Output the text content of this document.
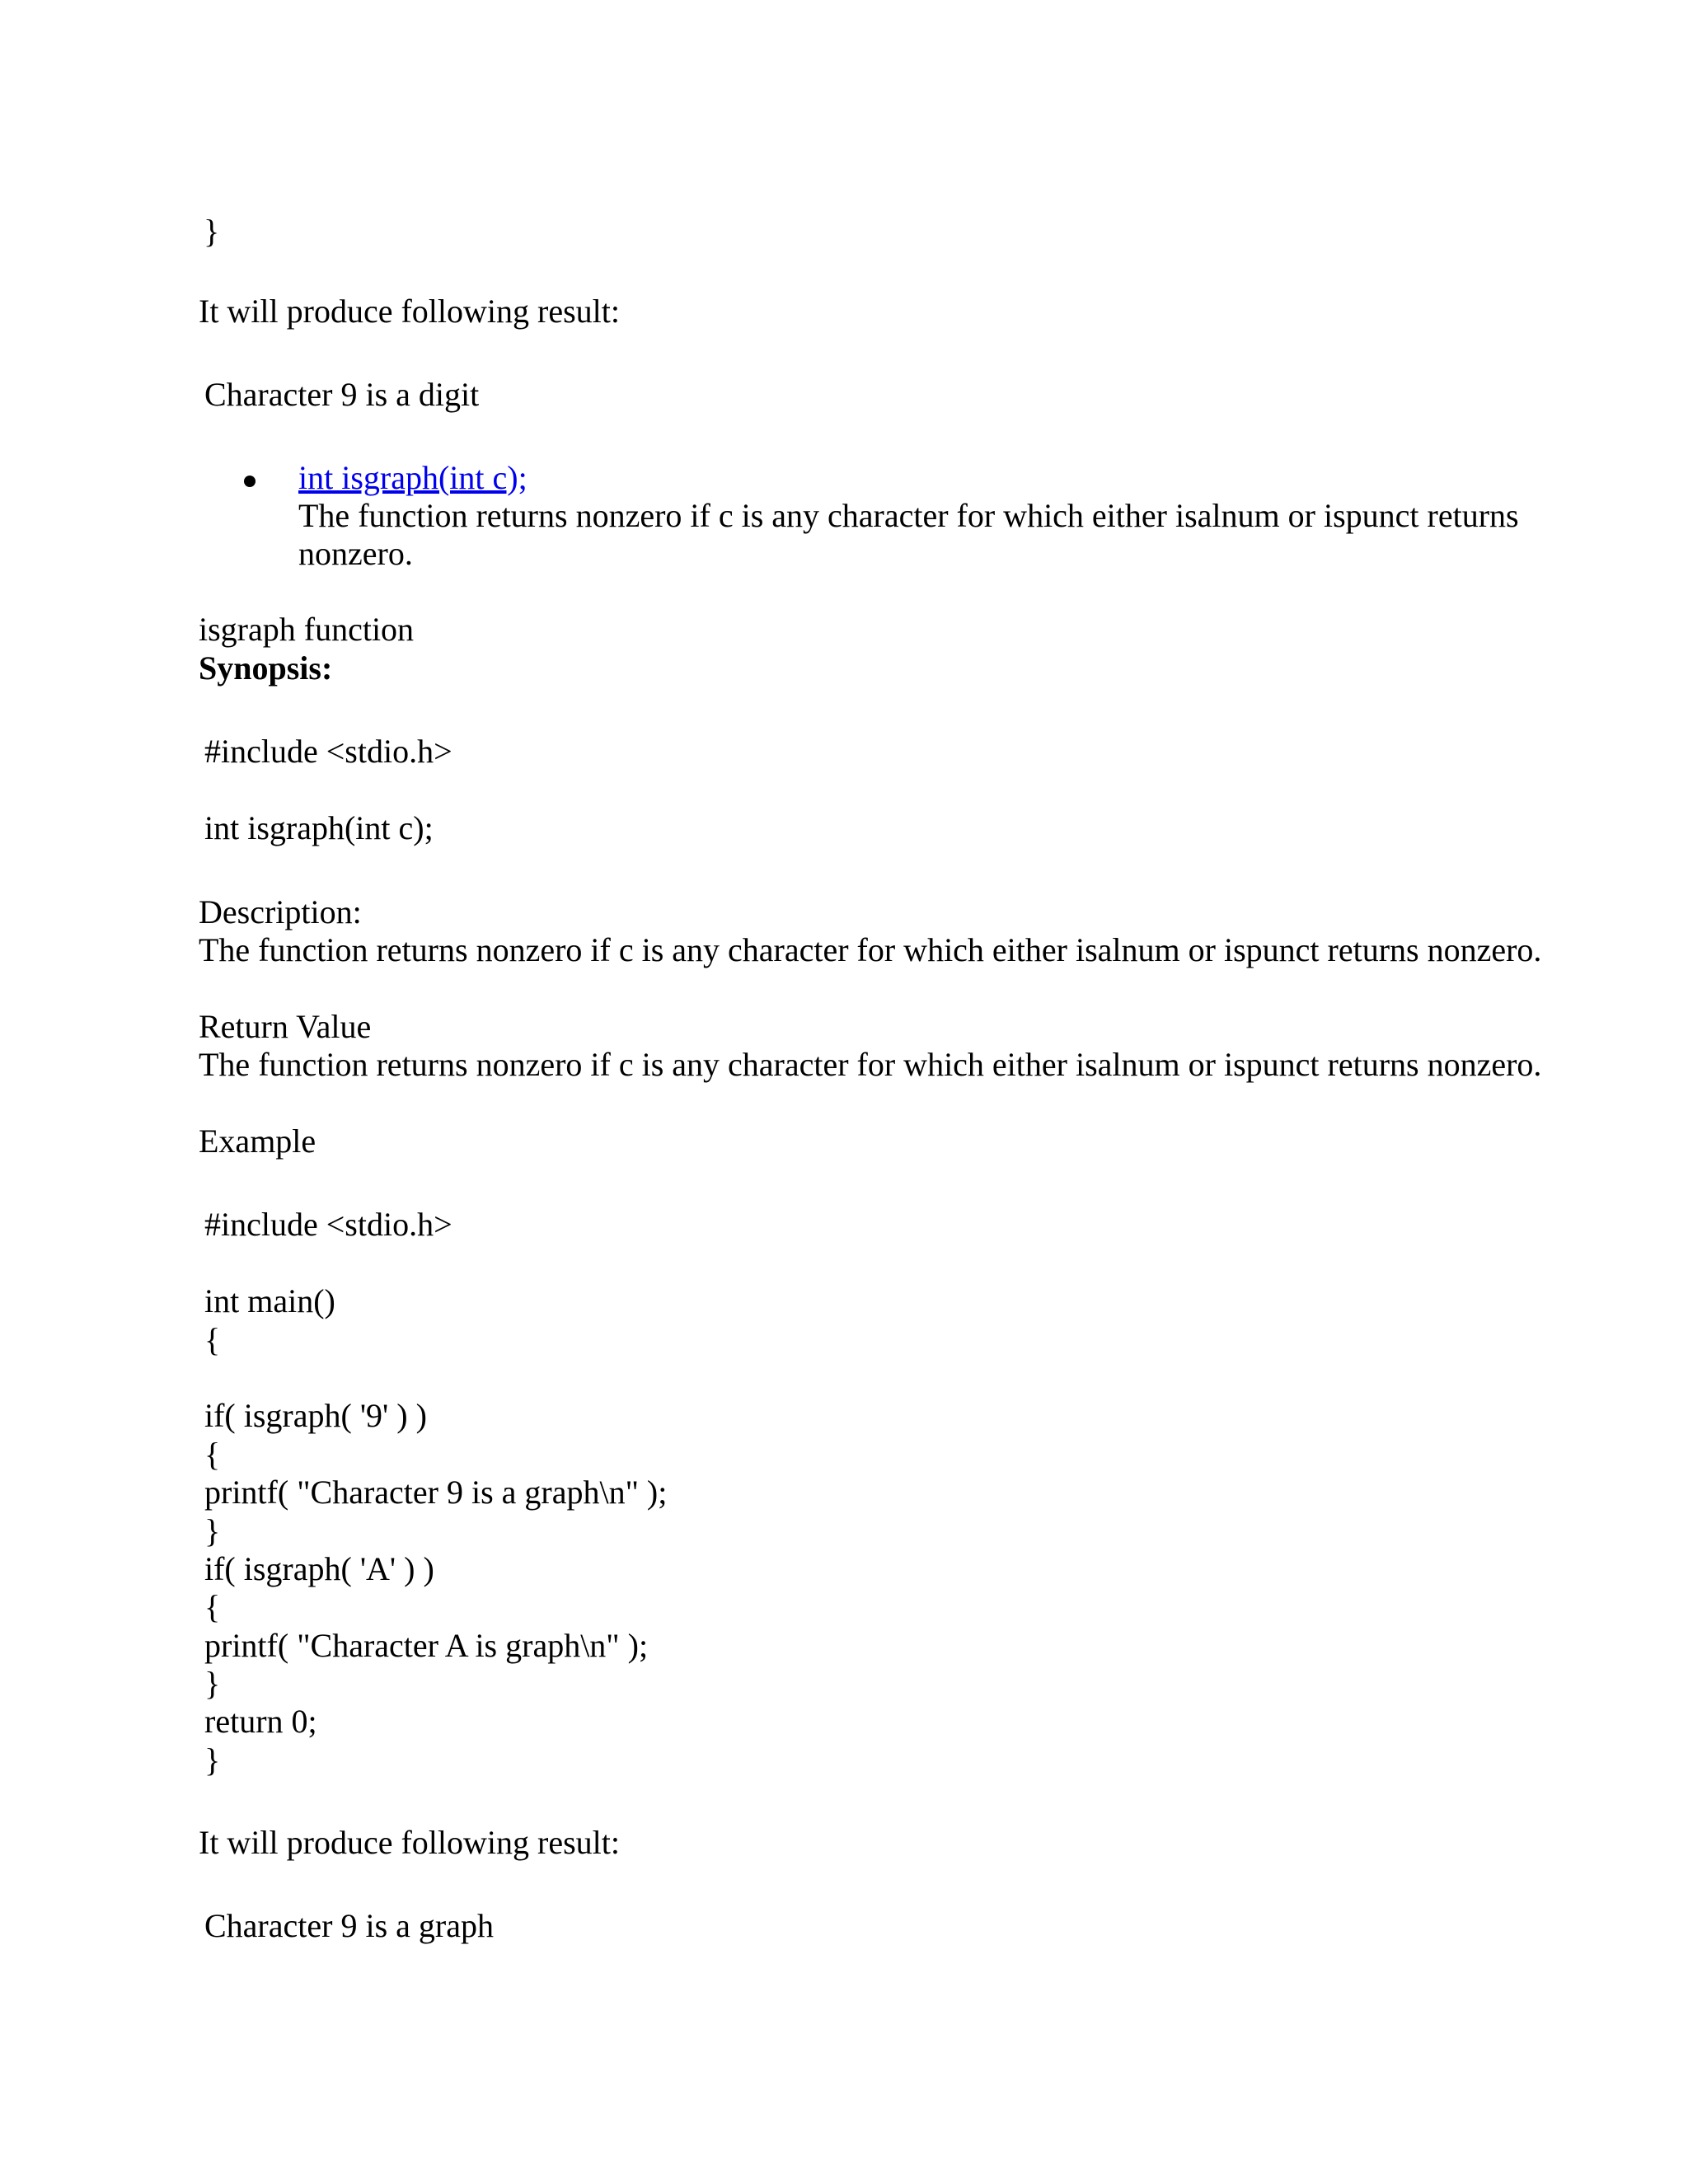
}

It will produce following result:

Character 9 is a digit

int isgraph(int c);

The function returns nonzero if c is any character for which either isalnum or ispunct returns

nonzero.

isgraph function

Synopsis:

#include <stdio.h>

int isgraph(int c);

Description:

The function returns nonzero if c is any character for which either isalnum or ispunct returns nonzero.

Return Value

The function returns nonzero if c is any character for which either isalnum or ispunct returns nonzero.

Example

#include <stdio.h>

int main()

{

if( isgraph( '9' ) )

{

printf( "Character 9 is a graph\n" );

}

if( isgraph( 'A' ) )

{

printf( "Character A is graph\n" );

}

return 0;

}

It will produce following result:

Character 9 is a graph
